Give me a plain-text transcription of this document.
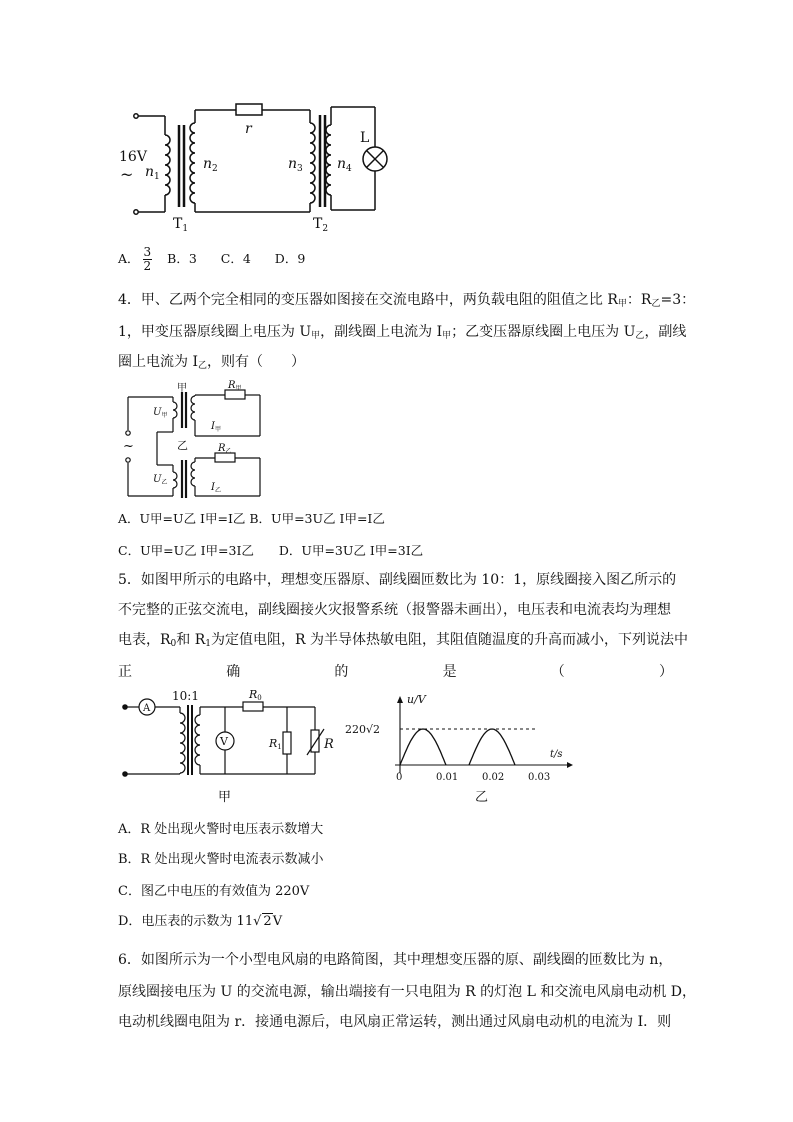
16V
~ $n_1$
$n_2$
r
$n_3$ $n_4$
L
$T_1$	$T_2$
A． $\frac{3}{2}$ B．3 C．4 D．9
4．甲、乙两个完全相同的变压器如图接在交流电路中，两负载电阻的阻值之比 $R_甲$：$R_乙=3$：
1，甲变压器原线圈上电压为 $U_甲$，副线圈上电流为 $I_甲$；乙变压器原线圈上电压为 $U_乙$，副线
圈上电流为 $I_乙$，则有（　　）
甲
乙
$R_甲$
$R_乙$
$U_甲$
$U_乙$
$I_甲$
$I_乙$
~
A．U甲=U乙 I甲=I乙 B．U甲=3U乙 I甲=I乙
C．U甲=U乙 I甲=3I乙　　D．U甲=3U乙 I甲=3I乙
5．如图甲所示的电路中，理想变压器原、副线圈匝数比为 10：1，原线圈接入图乙所示的
不完整的正弦交流电，副线圈接火灾报警系统（报警器未画出），电压表和电流表均为理想
电表，$R_0$和 $R_1$为定值电阻，R 为半导体热敏电阻，其阻值随温度的升高而减小，下列说法中
正	确	的	是	（	）
A
10:1
V
R0
R1	R
甲
0	0.01 0.02 0.03
220√2
u/V
t/s
乙
A．R 处出现火警时电压表示数增大
B．R 处出现火警时电流表示数减小
C．图乙中电压的有效值为 220V
D．电压表的示数为 11√ 2V
6．如图所示为一个小型电风扇的电路简图，其中理想变压器的原、副线圈的匝数比为 n，
原线圈接电压为 U 的交流电源，输出端接有一只电阻为 R 的灯泡 L 和交流电风扇电动机 D，
电动机线圈电阻为 r．接通电源后，电风扇正常运转，测出通过风扇电动机的电流为 I．则
